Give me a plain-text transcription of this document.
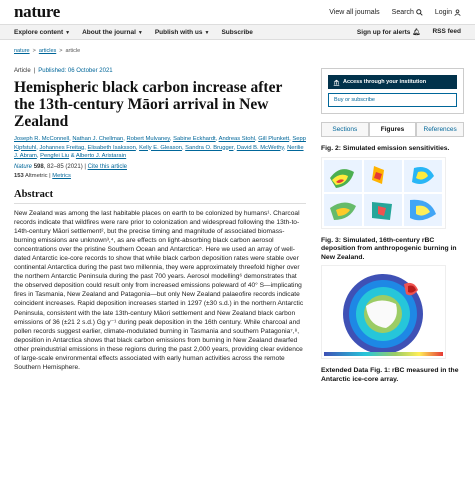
nature	View all journals Search	Login
Explore content ▼ About the journal ▼ Publish with us ▼ Subscribe	Sign up for alerts 🔔︎ RSS feed
nature > articles > article
Article | Published: 06 October 2021
Hemispheric black carbon increase after the 13th-century Māori arrival in New Zealand
Joseph R. McConnell, Nathan J. Chellman, Robert Mulvaney, Sabine Eckhardt, Andreas Stohl, Gill Plunkett, Sepp Kipfstuhl, Johannes Freitag, Elisabeth Isaksson, Kelly E. Gleason, Sandra O. Brugger, David B. McWethy, Nerilie J. Abram, Pengfei Liu & Alberto J. Aristarain
Nature 598, 82–85 (2021) | Cite this article
153 Altmetric | Metrics
Abstract

New Zealand was among the last habitable places on earth to be colonized by humans¹. Charcoal records indicate that wildfires were rare prior to colonization and widespread following the 13th-to-14th-century Māori settlement², but the precise timing and magnitude of associated biomass-burning emissions are unknown³,⁴, as are effects on light-absorbing black carbon aerosol concentrations over the pristine Southern Ocean and Antarctica⁵. Here we used an array of well-dated Antarctic ice-core records to show that while black carbon deposition rates were stable over continental Antarctica during the past two millennia, they were approximately threefold higher over the northern Antarctic Peninsula during the past 700 years. Aerosol modelling⁶ demonstrates that the observed deposition could result only from increased emissions poleward of 40° S—implicating fires in Tasmania, New Zealand and Patagonia—but only New Zealand palaeofire records indicate coincident increases. Rapid deposition increases started in 1297 (±30 s.d.) in the northern Antarctic Peninsula, consistent with the late 13th-century Māori settlement and New Zealand black carbon emissions of 36 (±21 2 s.d.) Gg y⁻¹ during peak deposition in the 16th century. While charcoal and pollen records suggest earlier, climate-modulated burning in Tasmania and southern Patagonia⁷,⁸, deposition in Antarctica shows that black carbon emissions from burning in New Zealand dwarfed other preindustrial emissions in these regions during the past 2,000 years, providing clear evidence of large-scale environmental effects associated with early human activities across the remote Southern Hemisphere.

Access through your institution
Buy or subscribe
Sections	Figures	References
Fig. 2: Simulated emission sensitivities.
Fig. 3: Simulated, 16th-century rBC deposition from anthropogenic burning in New Zealand.
Extended Data Fig. 1: rBC measured in the Antarctic ice-core array.
